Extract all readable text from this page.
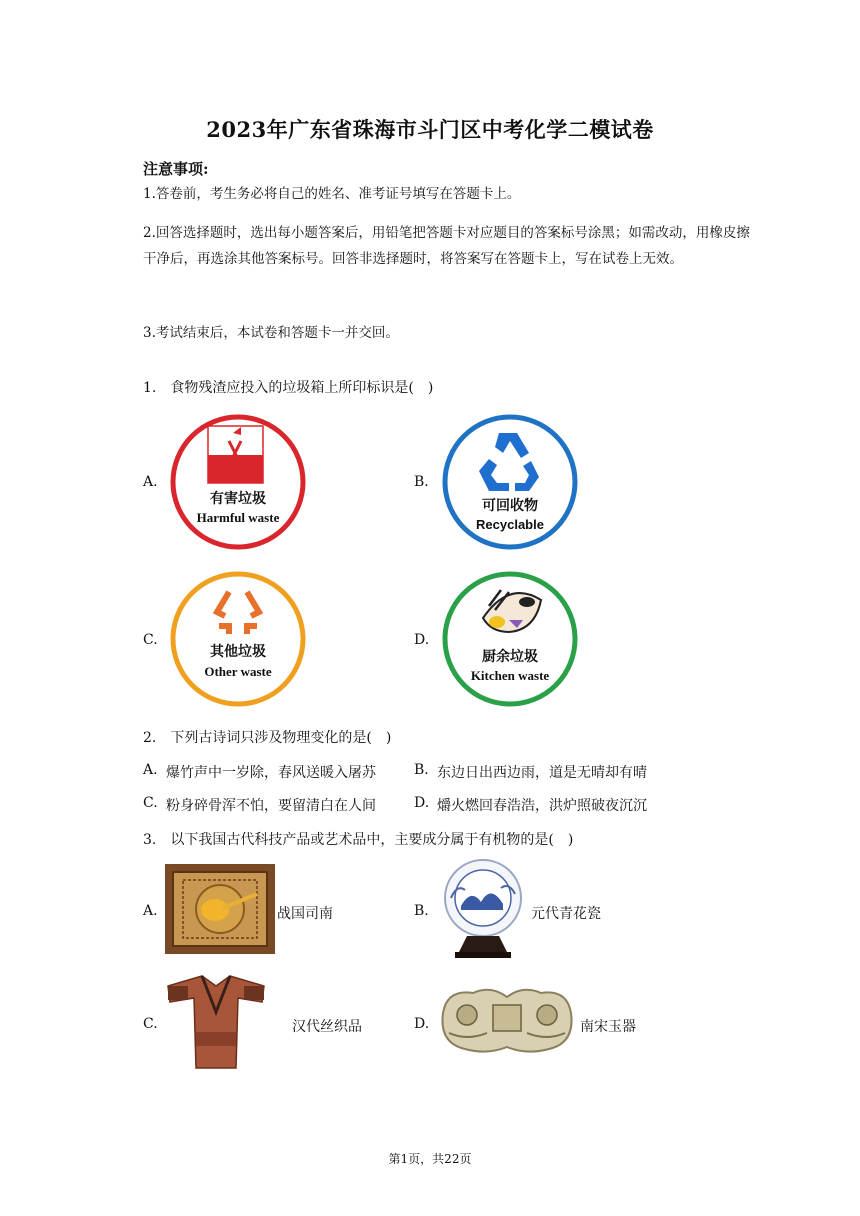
2023年广东省珠海市斗门区中考化学二模试卷
注意事项:
1.答卷前，考生务必将自己的姓名、准考证号填写在答题卡上。
2.回答选择题时，选出每小题答案后，用铅笔把答题卡对应题目的答案标号涂黑；如需改动，用橡皮擦干净后，再选涂其他答案标号。回答非选择题时，将答案写在答题卡上，写在试卷上无效。
3.考试结束后，本试卷和答题卡一并交回。
1.　食物残渣应投入的垃圾箱上所印标识是(　)
A.
有害垃圾
Harmful waste
B.
可回收物
Recyclable
C.
其他垃圾
Other waste
D.
厨余垃圾
Kitchen waste
2.　下列古诗词只涉及物理变化的是(　)
A. 爆竹声中一岁除，春风送暖入屠苏	B. 东边日出西边雨，道是无晴却有晴
C. 粉身碎骨浑不怕，要留清白在人间	D. 爝火燃回春浩浩，洪炉照破夜沉沉
3.　以下我国古代科技产品或艺术品中，主要成分属于有机物的是(　)
A.	战国司南	B.	元代青花瓷
C.	汉代丝织品	D.	南宋玉器
第1页，共22页
